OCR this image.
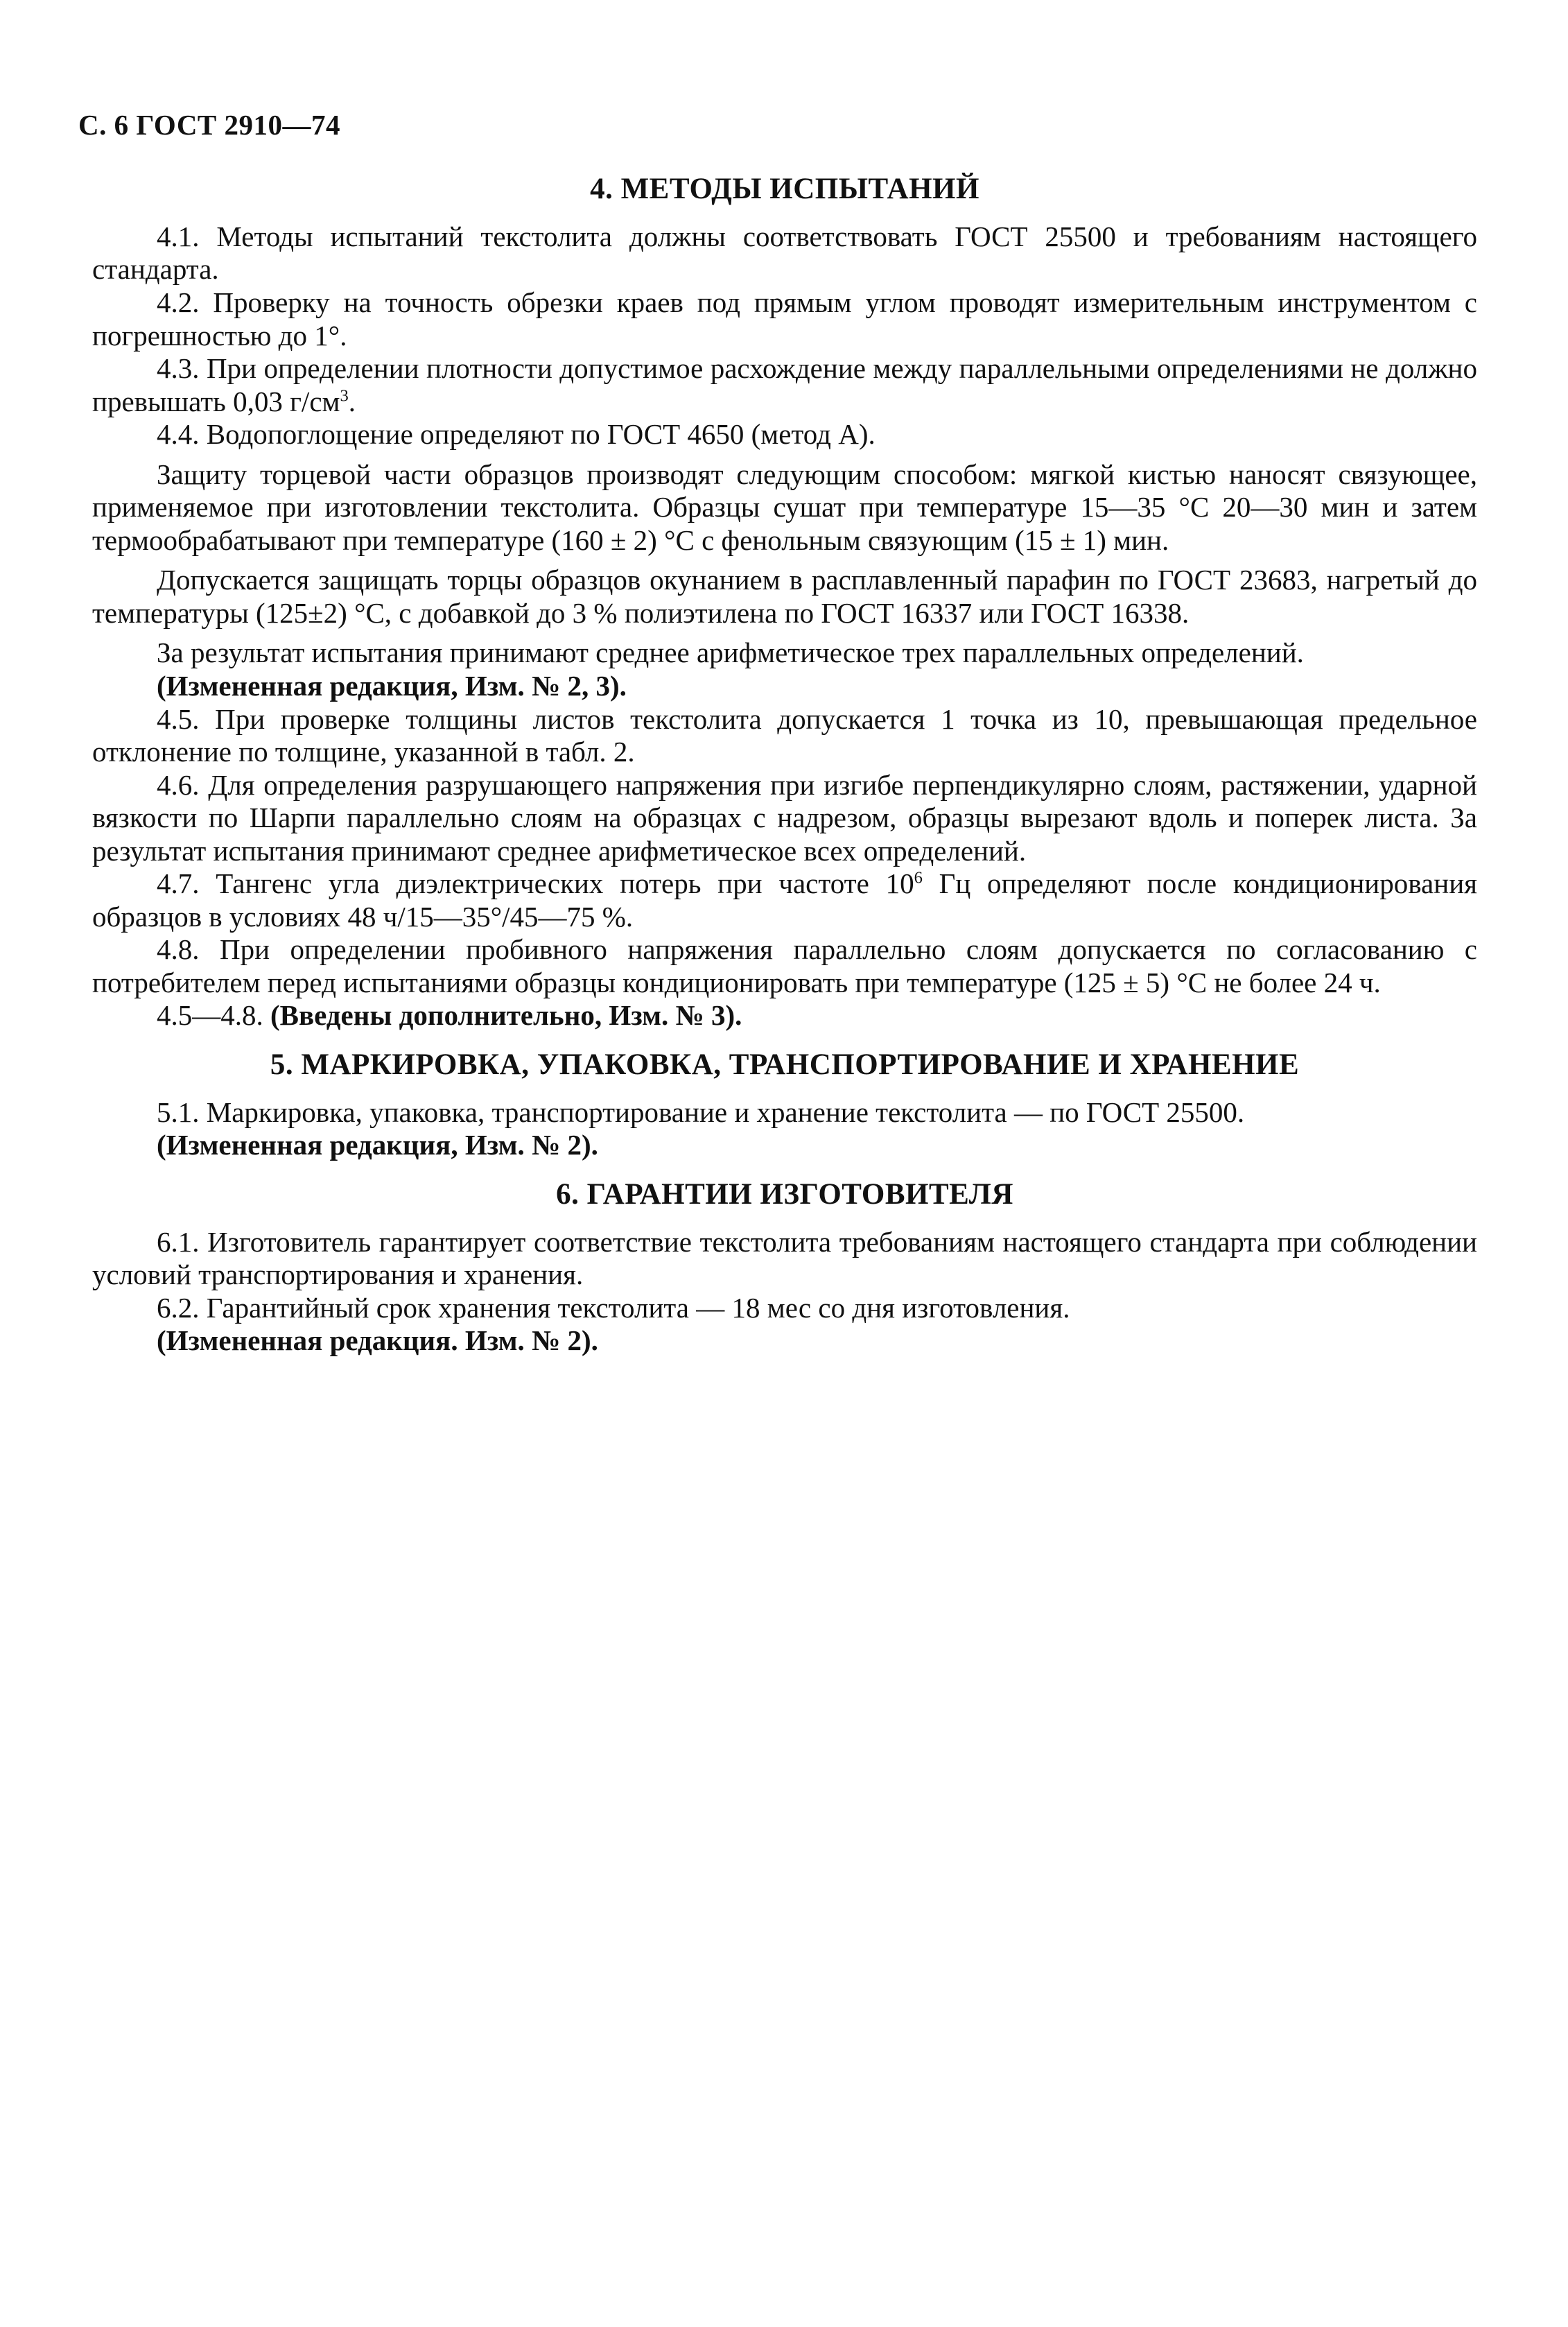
С. 6 ГОСТ 2910—74
4. МЕТОДЫ ИСПЫТАНИЙ

4.1. Методы испытаний текстолита должны соответствовать ГОСТ 25500 и требованиям настоящего стандарта.

4.2. Проверку на точность обрезки краев под прямым углом проводят измерительным инструментом с погрешностью до 1°.

4.3. При определении плотности допустимое расхождение между параллельными определениями не должно превышать 0,03 $г/см^3$.

4.4. Водопоглощение определяют по ГОСТ 4650 (метод А).

Защиту торцевой части образцов производят следующим способом: мягкой кистью наносят связующее, применяемое при изготовлении текстолита. Образцы сушат при температуре 15—35 °С 20—30 мин и затем термообрабатывают при температуре (160 ± 2) °С с фенольным связующим (15 ± 1) мин.

Допускается защищать торцы образцов окунанием в расплавленный парафин по ГОСТ 23683, нагретый до температуры (125±2) °С, с добавкой до 3 % полиэтилена по ГОСТ 16337 или ГОСТ 16338.

За результат испытания принимают среднее арифметическое трех параллельных определений.

(Измененная редакция, Изм. № 2, 3).

4.5. При проверке толщины листов текстолита допускается 1 точка из 10, превышающая предельное отклонение по толщине, указанной в табл. 2.

4.6. Для определения разрушающего напряжения при изгибе перпендикулярно слоям, растяжении, ударной вязкости по Шарпи параллельно слоям на образцах с надрезом, образцы вырезают вдоль и поперек листа. За результат испытания принимают среднее арифметическое всех определений.

4.7. Тангенс угла диэлектрических потерь при частоте $10^6$ Гц определяют после кондиционирования образцов в условиях 48 ч/15—35°/45—75 %.

4.8. При определении пробивного напряжения параллельно слоям допускается по согласованию с потребителем перед испытаниями образцы кондиционировать при температуре (125 ± 5) °С не более 24 ч.

4.5—4.8. (Введены дополнительно, Изм. № 3).

5. МАРКИРОВКА, УПАКОВКА, ТРАНСПОРТИРОВАНИЕ И ХРАНЕНИЕ

5.1. Маркировка, упаковка, транспортирование и хранение текстолита — по ГОСТ 25500.

(Измененная редакция, Изм. № 2).

6. ГАРАНТИИ ИЗГОТОВИТЕЛЯ

6.1. Изготовитель гарантирует соответствие текстолита требованиям настоящего стандарта при соблюдении условий транспортирования и хранения.

6.2. Гарантийный срок хранения текстолита — 18 мес со дня изготовления.

(Измененная редакция. Изм. № 2).
